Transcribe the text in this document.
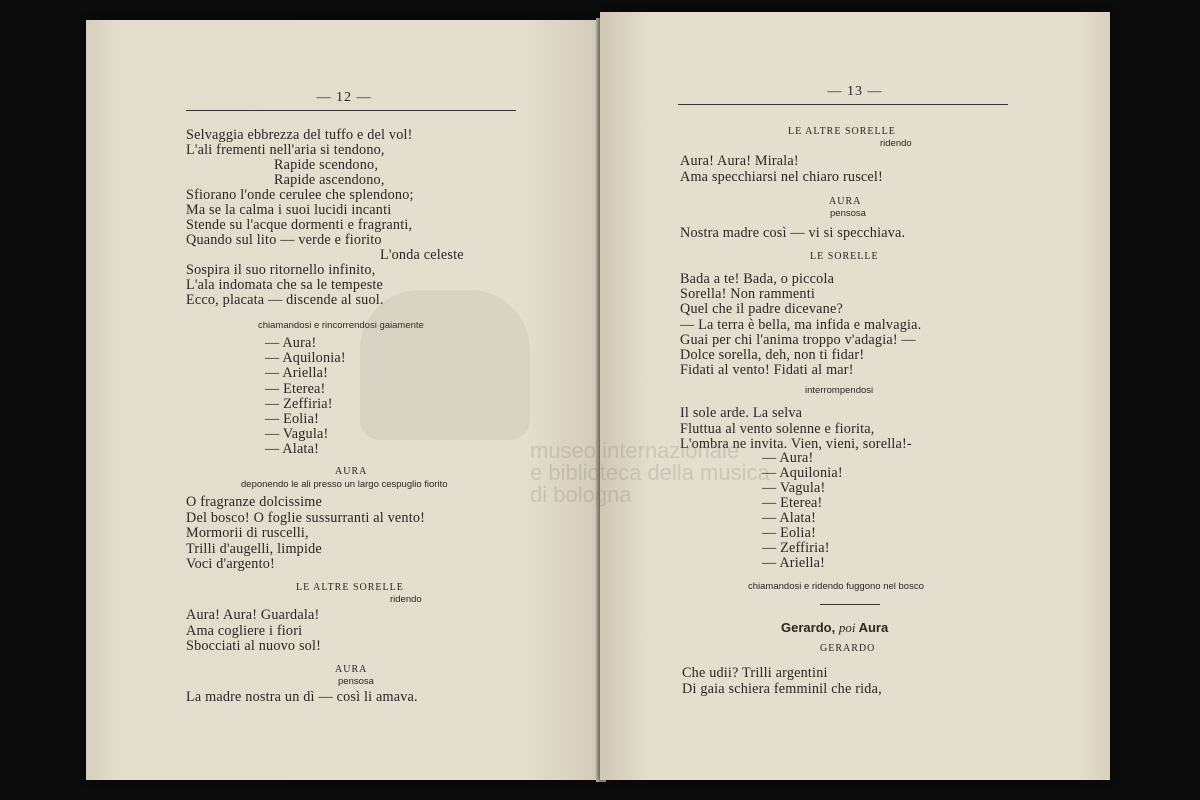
— 12 —
Selvaggia ebbrezza del tuffo e del vol!
L'ali frementi nell'aria si tendono,
Rapide scendono,
Rapide ascendono,
Sfiorano l'onde cerulee che splendono;
Ma se la calma i suoi lucidi incanti
Stende su l'acque dormenti e fragranti,
Quando sul lito — verde e fiorito
L'onda celeste
Sospira il suo ritornello infinito,
L'ala indomata che sa le tempeste
Ecco, placata — discende al suol.
chiamandosi e rincorrendosi gaiamente
— Aura!
— Aquilonia!
— Ariella!
— Eterea!
— Zeffiria!
— Eolia!
— Vagula!
— Alata!
AURA
deponendo le ali presso un largo cespuglio fiorito
O fragranze dolcissime
Del bosco! O foglie sussurranti al vento!
Mormorii di ruscelli,
Trilli d'augelli, limpide
Voci d'argento!
LE ALTRE SORELLE
ridendo
Aura! Aura! Guardala!
Ama cogliere i fiori
Sbocciati al nuovo sol!
AURA
pensosa
La madre nostra un dì — così li amava.
— 13 —
LE ALTRE SORELLE
ridendo
Aura! Aura! Mirala!
Ama specchiarsi nel chiaro ruscel!
AURA
pensosa
Nostra madre così — vi si specchiava.
LE SORELLE
Bada a te! Bada, o piccola
Sorella! Non rammenti
Quel che il padre dicevane?
— La terra è bella, ma infida e malvagia.
Guai per chi l'anima troppo v'adagia! —
Dolce sorella, deh, non ti fidar!
Fidati al vento! Fidati al mar!
interrompendosi
Il sole arde. La selva
Fluttua al vento solenne e fiorita,
L'ombra ne invita. Vien, vieni, sorella!-
— Aura!
— Aquilonia!
— Vagula!
— Eterea!
— Alata!
— Eolia!
— Zeffiria!
— Ariella!
chiamandosi e ridendo fuggono nel bosco
Gerardo, poi Aura
GERARDO
Che udii? Trilli argentini
Di gaia schiera femminil che rida,
museo internazionale
e biblioteca della musica
di bologna
